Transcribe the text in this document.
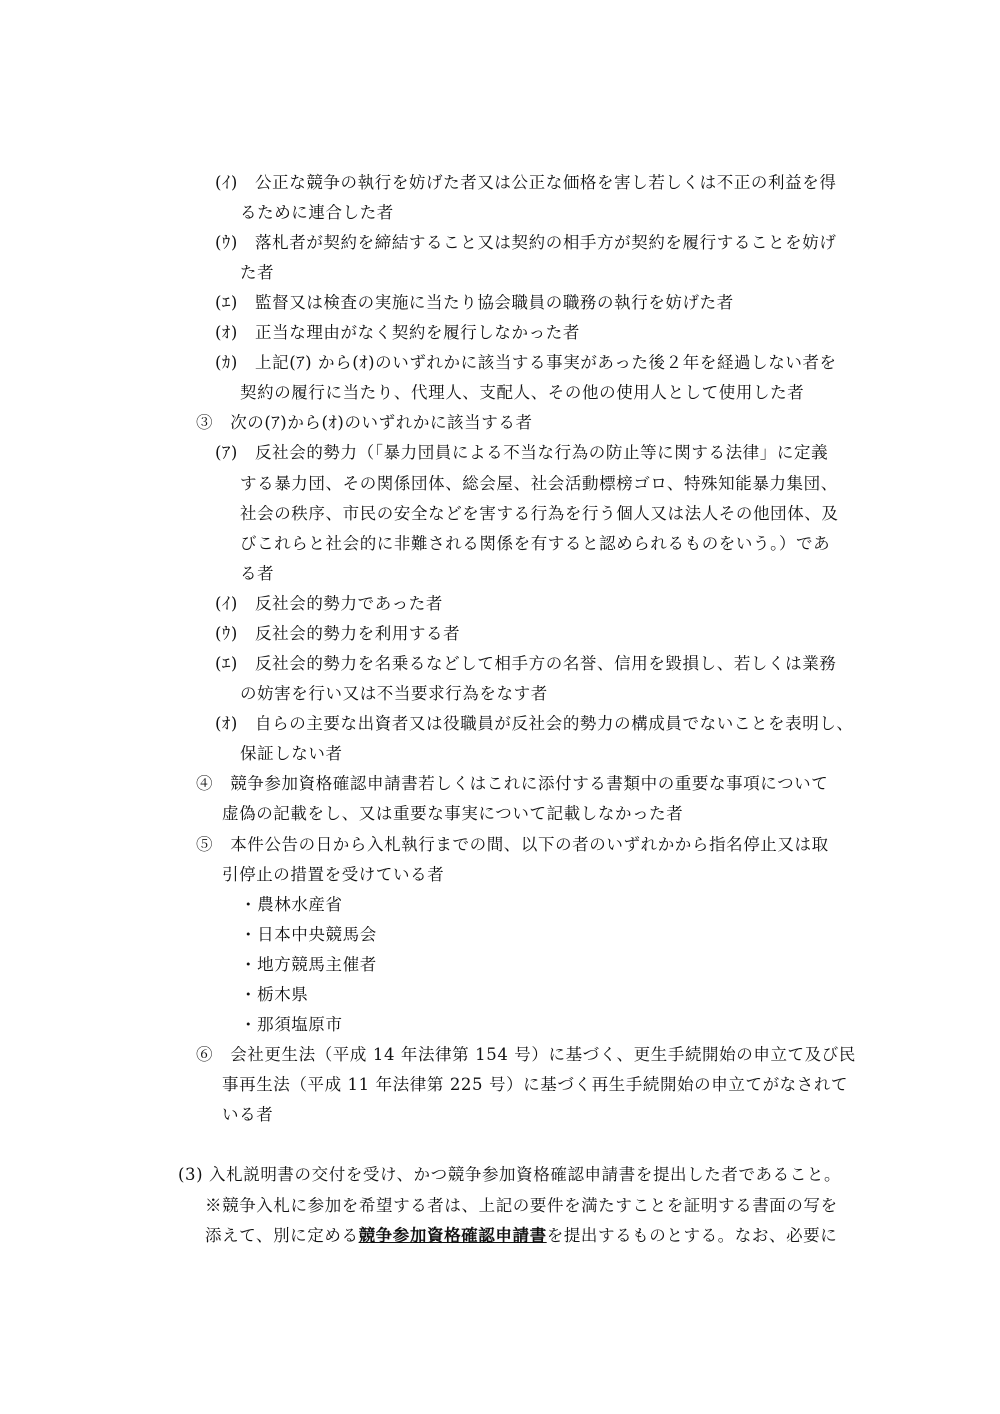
(ｲ)　公正な競争の執行を妨げた者又は公正な価格を害し若しくは不正の利益を得
るために連合した者
(ｳ)　落札者が契約を締結すること又は契約の相手方が契約を履行することを妨げ
た者
(ｴ)　監督又は検査の実施に当たり協会職員の職務の執行を妨げた者
(ｵ)　正当な理由がなく契約を履行しなかった者
(ｶ)　上記(ｱ) から(ｵ)のいずれかに該当する事実があった後２年を経過しない者を
契約の履行に当たり、代理人、支配人、その他の使用人として使用した者
③　次の(ｱ)から(ｵ)のいずれかに該当する者
(ｱ)　反社会的勢力（「暴力団員による不当な行為の防止等に関する法律」に定義
する暴力団、その関係団体、総会屋、社会活動標榜ゴロ、特殊知能暴力集団、
社会の秩序、市民の安全などを害する行為を行う個人又は法人その他団体、及
びこれらと社会的に非難される関係を有すると認められるものをいう。）であ
る者
(ｲ)　反社会的勢力であった者
(ｳ)　反社会的勢力を利用する者
(ｴ)　反社会的勢力を名乗るなどして相手方の名誉、信用を毀損し、若しくは業務
の妨害を行い又は不当要求行為をなす者
(ｵ)　自らの主要な出資者又は役職員が反社会的勢力の構成員でないことを表明し、
保証しない者
④　競争参加資格確認申請書若しくはこれに添付する書類中の重要な事項について
虚偽の記載をし、又は重要な事実について記載しなかった者
⑤　本件公告の日から入札執行までの間、以下の者のいずれかから指名停止又は取
引停止の措置を受けている者
・農林水産省
・日本中央競馬会
・地方競馬主催者
・栃木県
・那須塩原市
⑥　会社更生法（平成 14 年法律第 154 号）に基づく、更生手続開始の申立て及び民
事再生法（平成 11 年法律第 225 号）に基づく再生手続開始の申立てがなされて
いる者
(3) 入札説明書の交付を受け、かつ競争参加資格確認申請書を提出した者であること。
※競争入札に参加を希望する者は、上記の要件を満たすことを証明する書面の写を
添えて、別に定める競争参加資格確認申請書を提出するものとする。なお、必要に
